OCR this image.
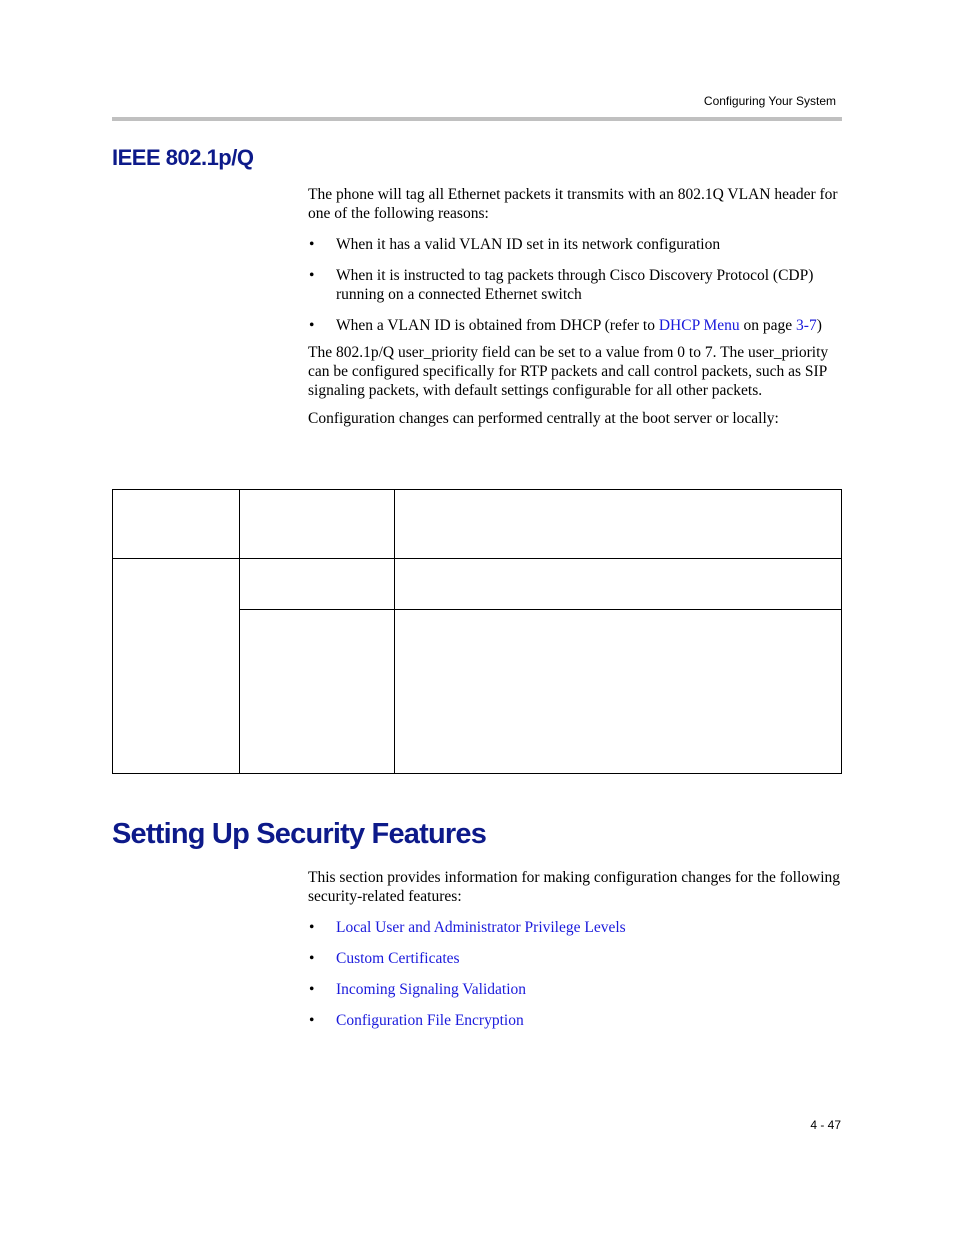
Configuring Your System
IEEE 802.1p/Q

The phone will tag all Ethernet packets it transmits with an 802.1Q VLAN header for one of the following reasons:

• When it has a valid VLAN ID set in its network configuration
• When it is instructed to tag packets through Cisco Discovery Protocol (CDP) running on a connected Ethernet switch
• When a VLAN ID is obtained from DHCP (refer to DHCP Menu on page 3-7)

The 802.1p/Q user_priority field can be set to a value from 0 to 7. The user_priority can be configured specifically for RTP packets and call control packets, such as SIP signaling packets, with default settings configurable for all other packets.

Configuration changes can performed centrally at the boot server or locally:

Setting Up Security Features

This section provides information for making configuration changes for the following security-related features:

• Local User and Administrator Privilege Levels
• Custom Certificates
• Incoming Signaling Validation
• Configuration File Encryption
4 - 47
